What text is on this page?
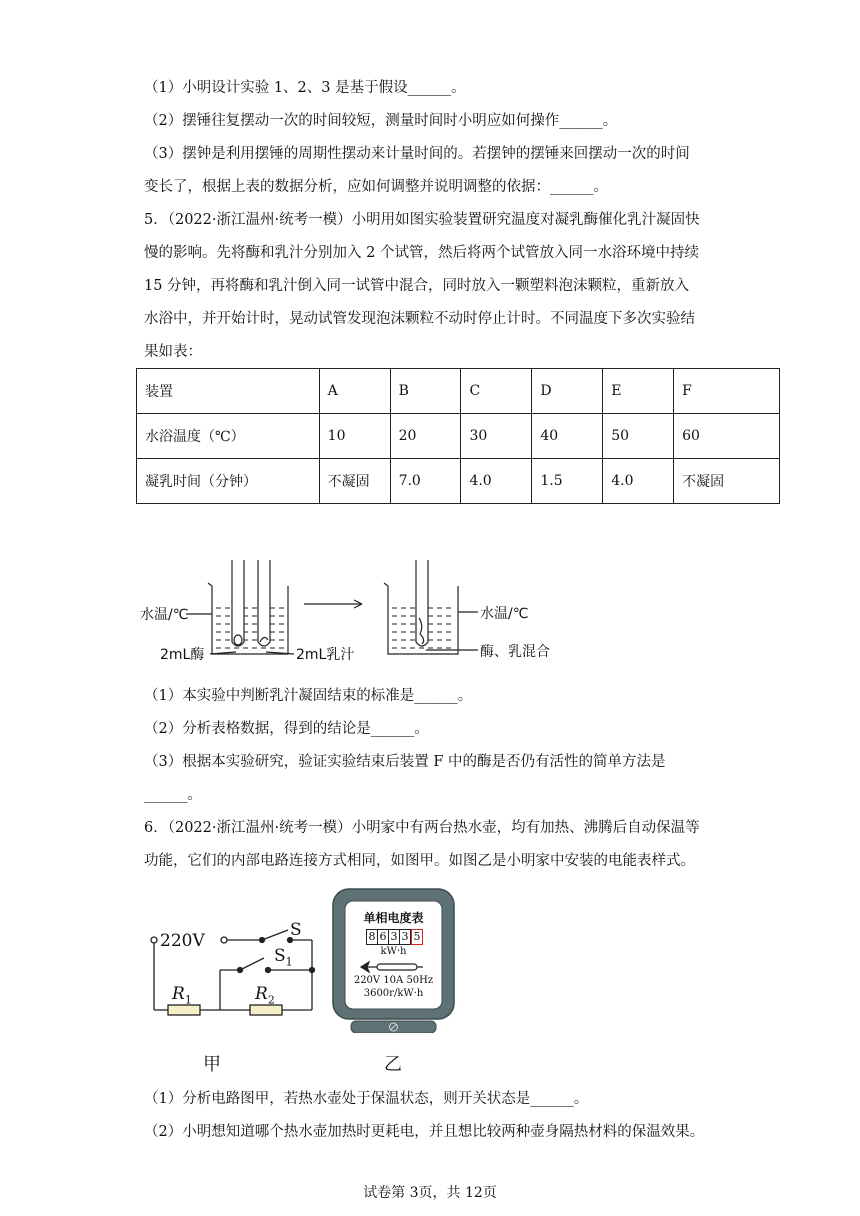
（1）小明设计实验 1、2、3 是基于假设______。
（2）摆锤往复摆动一次的时间较短，测量时间时小明应如何操作______。
（3）摆钟是利用摆锤的周期性摆动来计量时间的。若摆钟的摆锤来回摆动一次的时间
变长了，根据上表的数据分析，应如何调整并说明调整的依据：______。
5．（2022·浙江温州·统考一模）小明用如图实验装置研究温度对凝乳酶催化乳汁凝固快
慢的影响。先将酶和乳汁分别加入 2 个试管，然后将两个试管放入同一水浴环境中持续
15 分钟，再将酶和乳汁倒入同一试管中混合，同时放入一颗塑料泡沫颗粒，重新放入
水浴中，并开始计时，晃动试管发现泡沫颗粒不动时停止计时。不同温度下多次实验结
果如表：
装置	A	B	C	D	E	F
水浴温度（℃）	10	20	30	40	50	60
凝乳时间（分钟）	不凝固	7.0	4.0	1.5	4.0	不凝固
水温/℃
2mL酶	2mL乳汁
水温/℃
酶、乳混合
（1）本实验中判断乳汁凝固结束的标准是______。
（2）分析表格数据，得到的结论是______。
（3）根据本实验研究，验证实验结束后装置 F 中的酶是否仍有活性的简单方法是
______。
6．（2022·浙江温州·统考一模）小明家中有两台热水壶，均有加热、沸腾后自动保温等
功能，它们的内部电路连接方式相同，如图甲。如图乙是小明家中安装的电能表样式。
220V
S
$S_1$
$R_1$	$R_2$
甲
单相电度表
8 6 3 3 5
kW·h
220V 10A 50Hz
3600r/kW·h
乙
（1）分析电路图甲，若热水壶处于保温状态，则开关状态是______。
（2）小明想知道哪个热水壶加热时更耗电，并且想比较两种壶身隔热材料的保温效果。
试卷第 3页，共 12页
